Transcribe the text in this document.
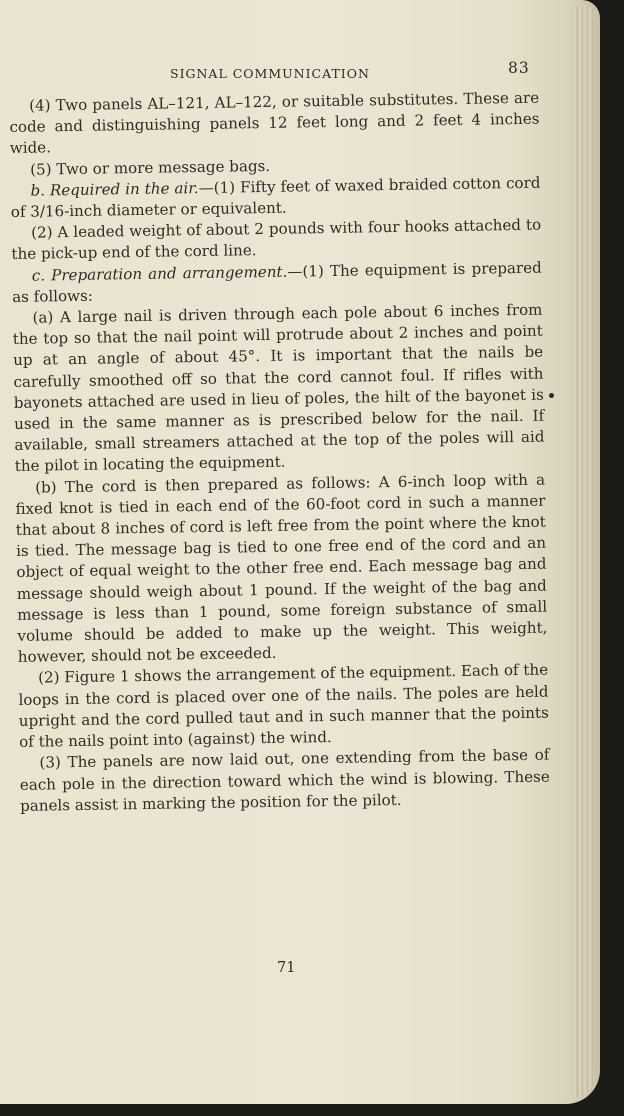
SIGNAL COMMUNICATION	83

(4) Two panels AL–121, AL–122, or suitable substitutes. These are code and distinguishing panels 12 feet long and 2 feet 4 inches wide.

(5) Two or more message bags.

b. Required in the air.—(1) Fifty feet of waxed braided cotton cord of 3/16-inch diameter or equivalent.

(2) A leaded weight of about 2 pounds with four hooks attached to the pick-up end of the cord line.

c. Preparation and arrangement.—(1) The equipment is prepared as follows:

(a) A large nail is driven through each pole about 6 inches from the top so that the nail point will protrude about 2 inches and point up at an angle of about 45°. It is important that the nails be carefully smoothed off so that the cord cannot foul. If rifles with bayonets attached are used in lieu of poles, the hilt of the bayonet is used in the same manner as is prescribed below for the nail. If available, small streamers attached at the top of the poles will aid the pilot in locating the equipment.

(b) The cord is then prepared as follows: A 6-inch loop with a fixed knot is tied in each end of the 60-foot cord in such a manner that about 8 inches of cord is left free from the point where the knot is tied. The message bag is tied to one free end of the cord and an object of equal weight to the other free end. Each message bag and message should weigh about 1 pound. If the weight of the bag and message is less than 1 pound, some foreign substance of small volume should be added to make up the weight. This weight, however, should not be exceeded.

(2) Figure 1 shows the arrangement of the equipment. Each of the loops in the cord is placed over one of the nails. The poles are held upright and the cord pulled taut and in such manner that the points of the nails point into (against) the wind.

(3) The panels are now laid out, one extending from the base of each pole in the direction toward which the wind is blowing. These panels assist in marking the position for the pilot.

71
